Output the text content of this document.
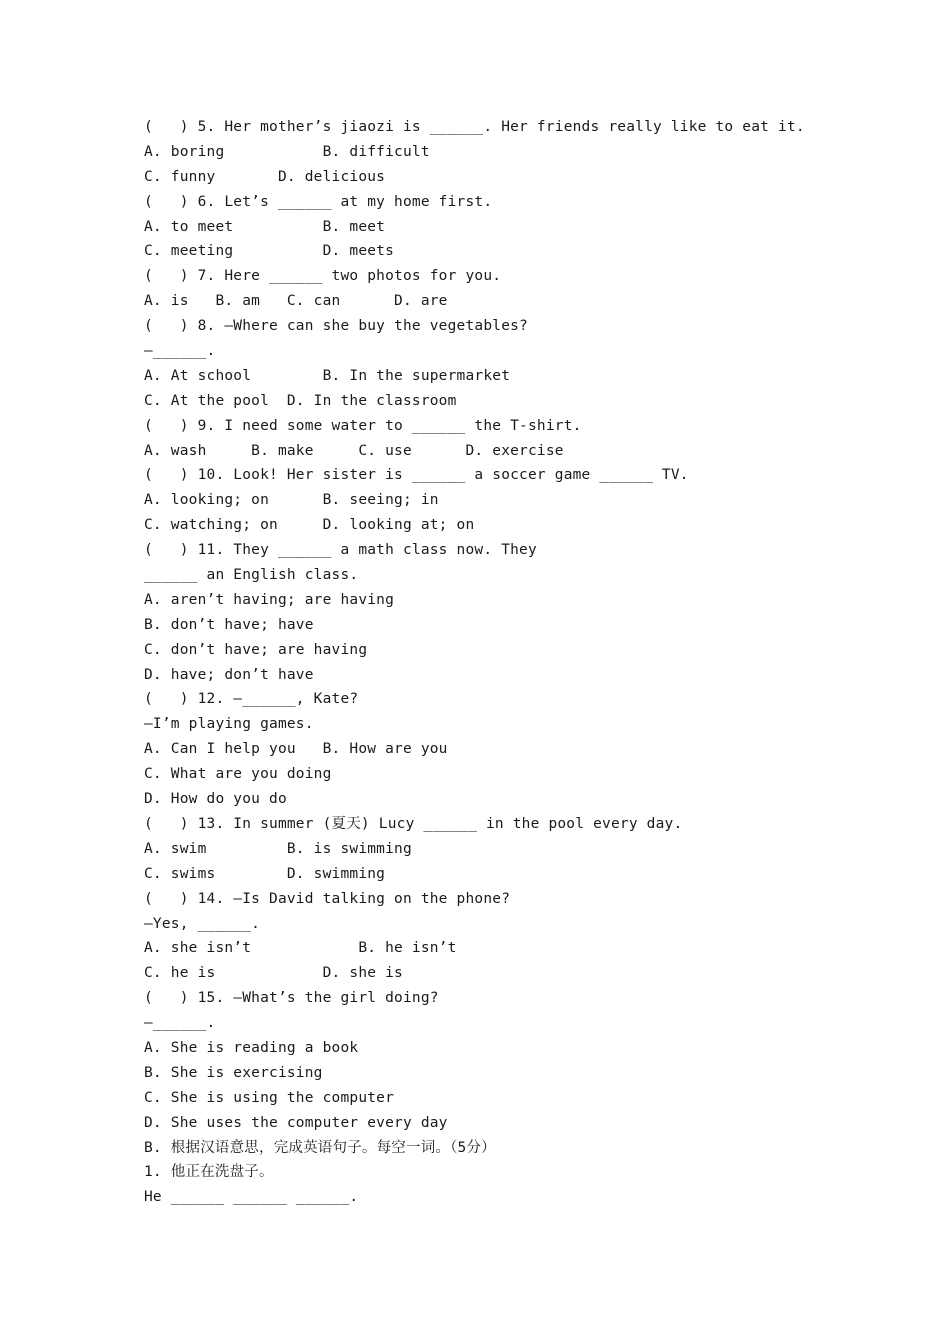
(   ) 5. Her mother’s jiaozi is ______. Her friends really like to eat it.
A. boring           B. difficult
C. funny       D. delicious
(   ) 6. Let’s ______ at my home first.
A. to meet          B. meet
C. meeting          D. meets
(   ) 7. Here ______ two photos for you.
A. is   B. am   C. can      D. are
(   ) 8. —Where can she buy the vegetables?
—______.
A. At school        B. In the supermarket
C. At the pool  D. In the classroom
(   ) 9. I need some water to ______ the T-shirt.
A. wash     B. make     C. use      D. exercise
(   ) 10. Look! Her sister is ______ a soccer game ______ TV.
A. looking; on      B. seeing; in
C. watching; on     D. looking at; on
(   ) 11. They ______ a math class now. They
______ an English class.
A. aren’t having; are having
B. don’t have; have
C. don’t have; are having
D. have; don’t have
(   ) 12. —______, Kate?
—I’m playing games.
A. Can I help you   B. How are you
C. What are you doing
D. How do you do
(   ) 13. In summer (夏天) Lucy ______ in the pool every day.
A. swim         B. is swimming
C. swims        D. swimming
(   ) 14. —Is David talking on the phone?
—Yes, ______.
A. she isn’t            B. he isn’t
C. he is            D. she is
(   ) 15. —What’s the girl doing?
—______.
A. She is reading a book
B. She is exercising
C. She is using the computer
D. She uses the computer every day
B. 根据汉语意思，完成英语句子。每空一词。（5分）
1. 他正在洗盘子。
He ______ ______ ______.
